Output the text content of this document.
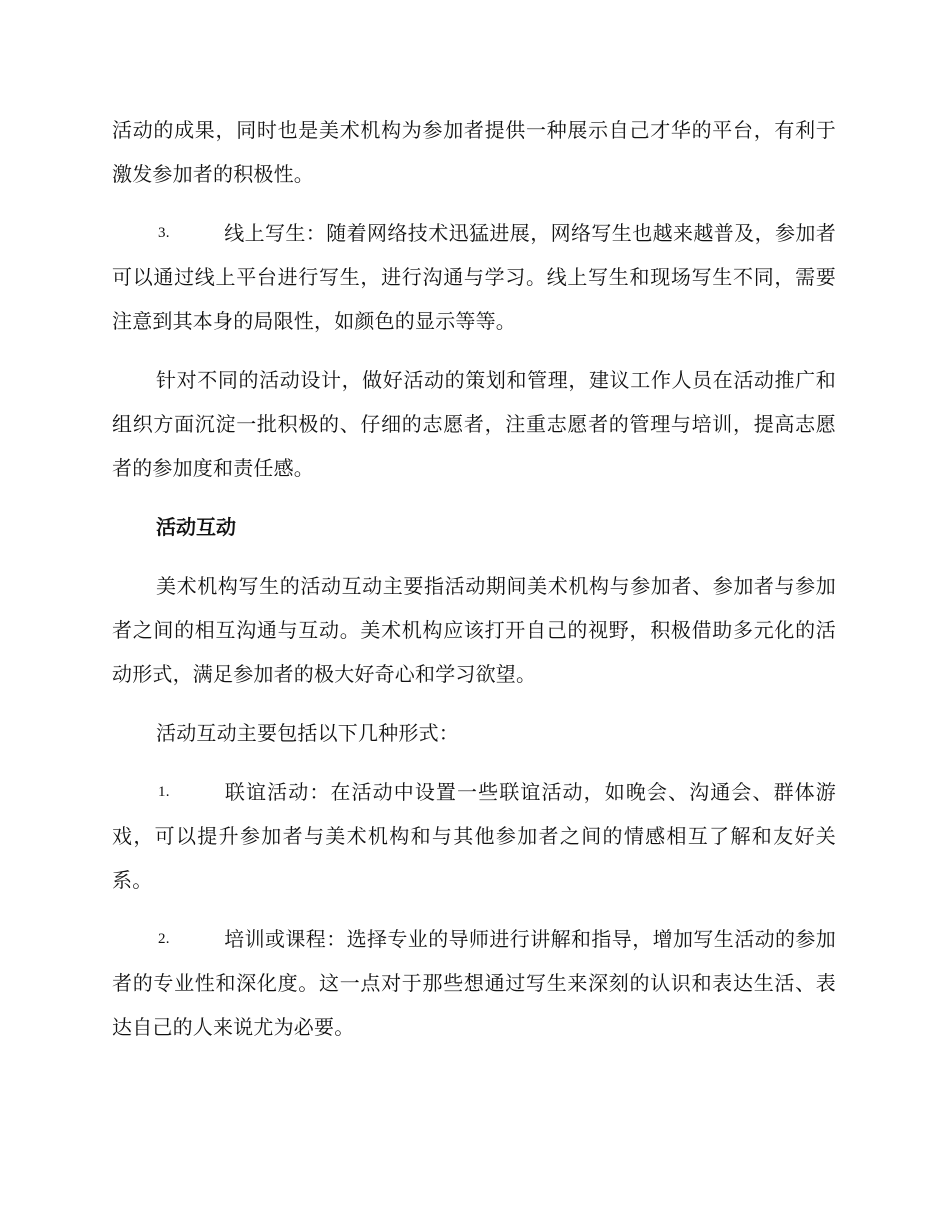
活动的成果，同时也是美术机构为参加者提供一种展示自己才华的平台，有利于激发参加者的积极性。

3.	线上写生：随着网络技术迅猛进展，网络写生也越来越普及，参加者可以通过线上平台进行写生，进行沟通与学习。线上写生和现场写生不同，需要注意到其本身的局限性，如颜色的显示等等。

针对不同的活动设计，做好活动的策划和管理，建议工作人员在活动推广和组织方面沉淀一批积极的、仔细的志愿者，注重志愿者的管理与培训，提高志愿者的参加度和责任感。

活动互动

美术机构写生的活动互动主要指活动期间美术机构与参加者、参加者与参加者之间的相互沟通与互动。美术机构应该打开自己的视野，积极借助多元化的活动形式，满足参加者的极大好奇心和学习欲望。

活动互动主要包括以下几种形式：

1.	联谊活动：在活动中设置一些联谊活动，如晚会、沟通会、群体游戏，可以提升参加者与美术机构和与其他参加者之间的情感相互了解和友好关系。

2.	培训或课程：选择专业的导师进行讲解和指导，增加写生活动的参加者的专业性和深化度。这一点对于那些想通过写生来深刻的认识和表达生活、表达自己的人来说尤为必要。
